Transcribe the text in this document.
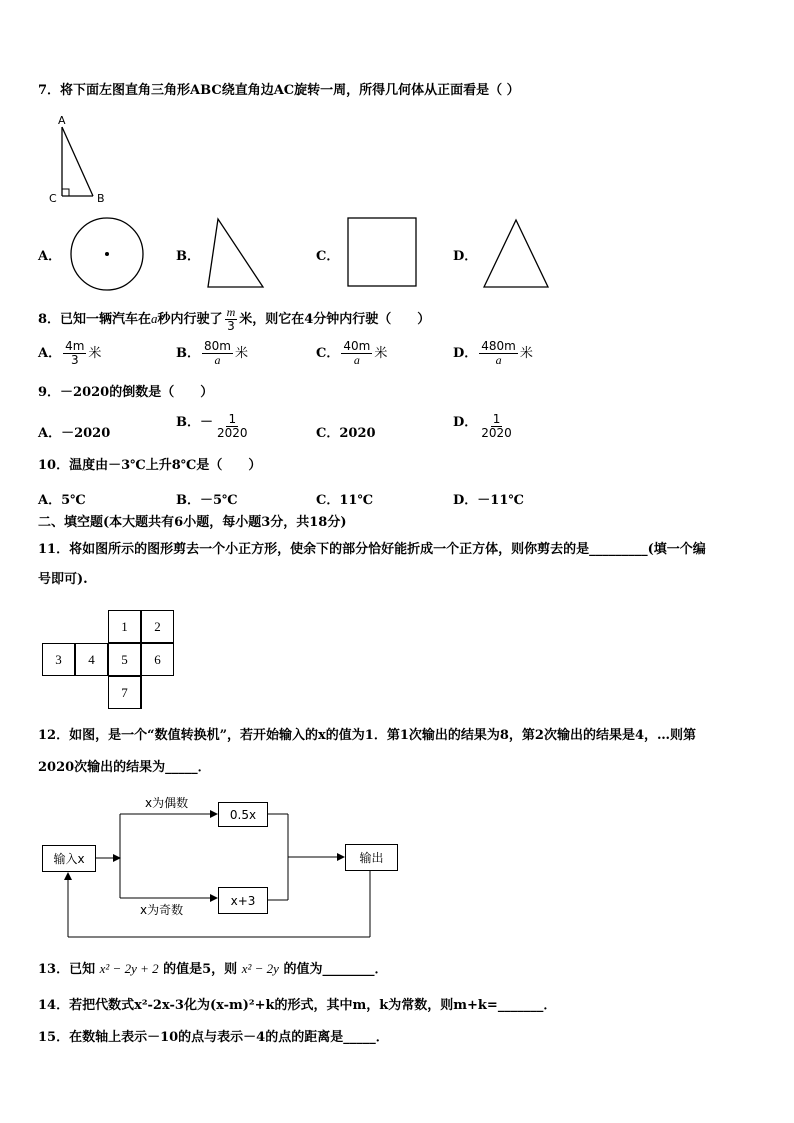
7．将下面左图直角三角形ABC绕直角边AC旋转一周，所得几何体从正面看是（ ）
A
C	B
A．	B．	C．	D．
8．已知一辆汽车在a秒内行驶了 $\frac{m}{3}$ 米，则它在4分钟内行驶（　　）
A． $\frac{4m}{3}$ 米	B． $\frac{80m}{a}$ 米	C． $\frac{40m}{a}$ 米	D． $\frac{480m}{a}$ 米
9．－2020的倒数是（　　）
A．－2020
B．－ $\frac{1}{2020}$	C．2020
D． $\frac{1}{2020}$
10．温度由－3℃上升8℃是（　　）
A．5℃	B．－5℃	C．11℃	D．－11℃
二、填空题(本大题共有6小题，每小题3分，共18分)
11．将如图所示的图形剪去一个小正方形，使余下的部分恰好能折成一个正方体，则你剪去的是_________(填一个编
号即可).
1	2
3	4	5	6
7
12．如图，是一个“数值转换机”，若开始输入的x的值为1．第1次输出的结果为8，第2次输出的结果是4，…则第
2020次输出的结果为_____．
输入x
x为偶数
x为奇数
0.5x
x+3
输出
13．已知 x² − 2y + 2 的值是5，则 x² − 2y 的值为________．
14．若把代数式x²-2x-3化为(x-m)²+k的形式，其中m，k为常数，则m+k=_______．
15．在数轴上表示－10的点与表示－4的点的距离是_____．
